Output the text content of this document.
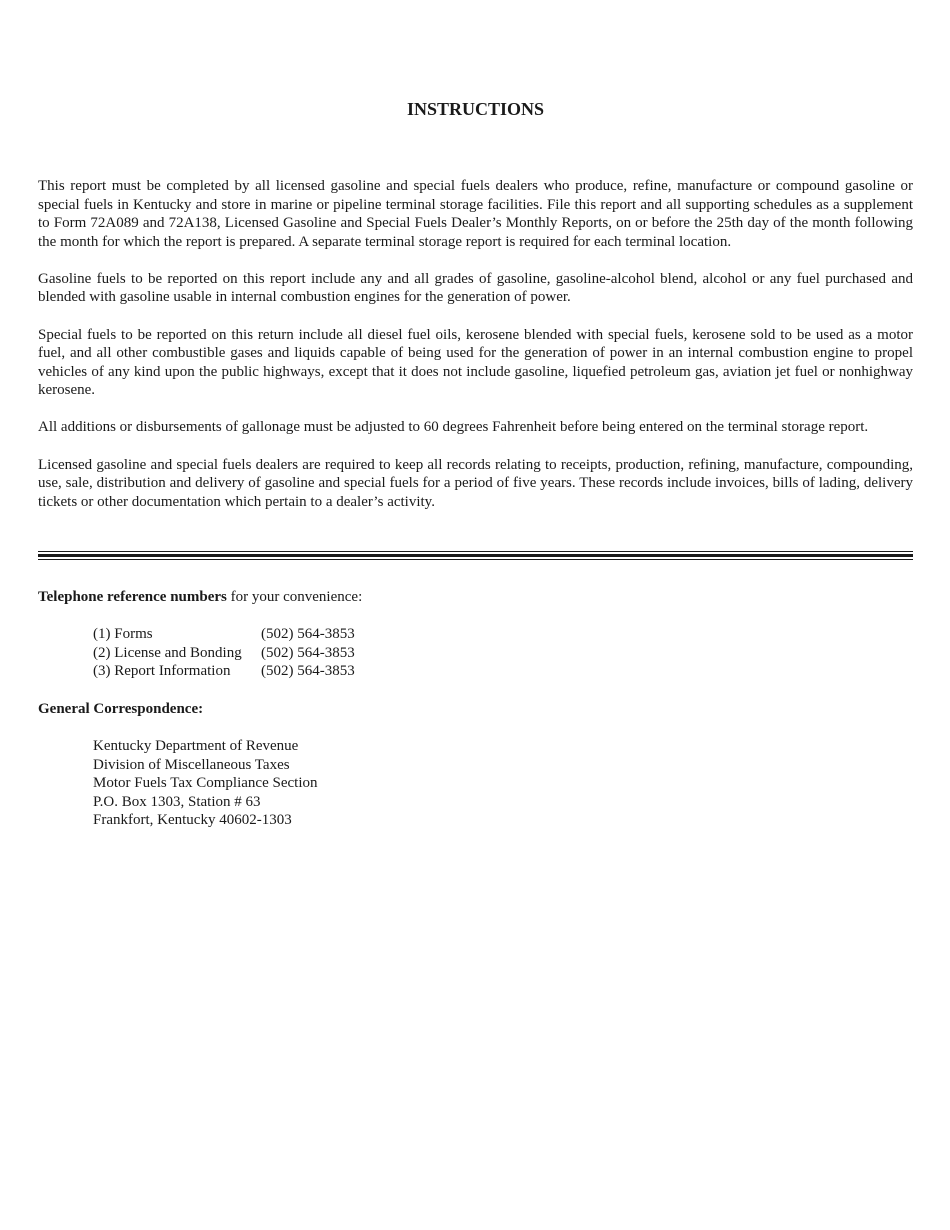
INSTRUCTIONS

This report must be completed by all licensed gasoline and special fuels dealers who produce, refine, manufacture or compound gasoline or special fuels in Kentucky and store in marine or pipeline terminal storage facilities. File this report and all supporting schedules as a supplement to Form 72A089 and 72A138, Licensed Gasoline and Special Fuels Dealer’s Monthly Reports, on or before the 25th day of the month following the month for which the report is prepared. A separate terminal storage report is required for each terminal location.

Gasoline fuels to be reported on this report include any and all grades of gasoline, gasoline-alcohol blend, alcohol or any fuel purchased and blended with gasoline usable in internal combustion engines for the generation of power.

Special fuels to be reported on this return include all diesel fuel oils, kerosene blended with special fuels, kerosene sold to be used as a motor fuel, and all other combustible gases and liquids capable of being used for the generation of power in an internal combustion engine to propel vehicles of any kind upon the public highways, except that it does not include gasoline, liquefied petroleum gas, aviation jet fuel or nonhighway kerosene.

All additions or disbursements of gallonage must be adjusted to 60 degrees Fahrenheit before being entered on the terminal storage report.

Licensed gasoline and special fuels dealers are required to keep all records relating to receipts, production, refining, manufacture, compounding, use, sale, distribution and delivery of gasoline and special fuels for a period of five years. These records include invoices, bills of lading, delivery tickets or other documentation which pertain to a dealer’s activity.

Telephone reference numbers for your convenience:

(1) Forms	(502) 564-3853
(2) License and Bonding	(502) 564-3853
(3) Report Information	(502) 564-3853

General Correspondence:

Kentucky Department of Revenue
Division of Miscellaneous Taxes
Motor Fuels Tax Compliance Section
P.O. Box 1303, Station # 63
Frankfort, Kentucky 40602-1303
